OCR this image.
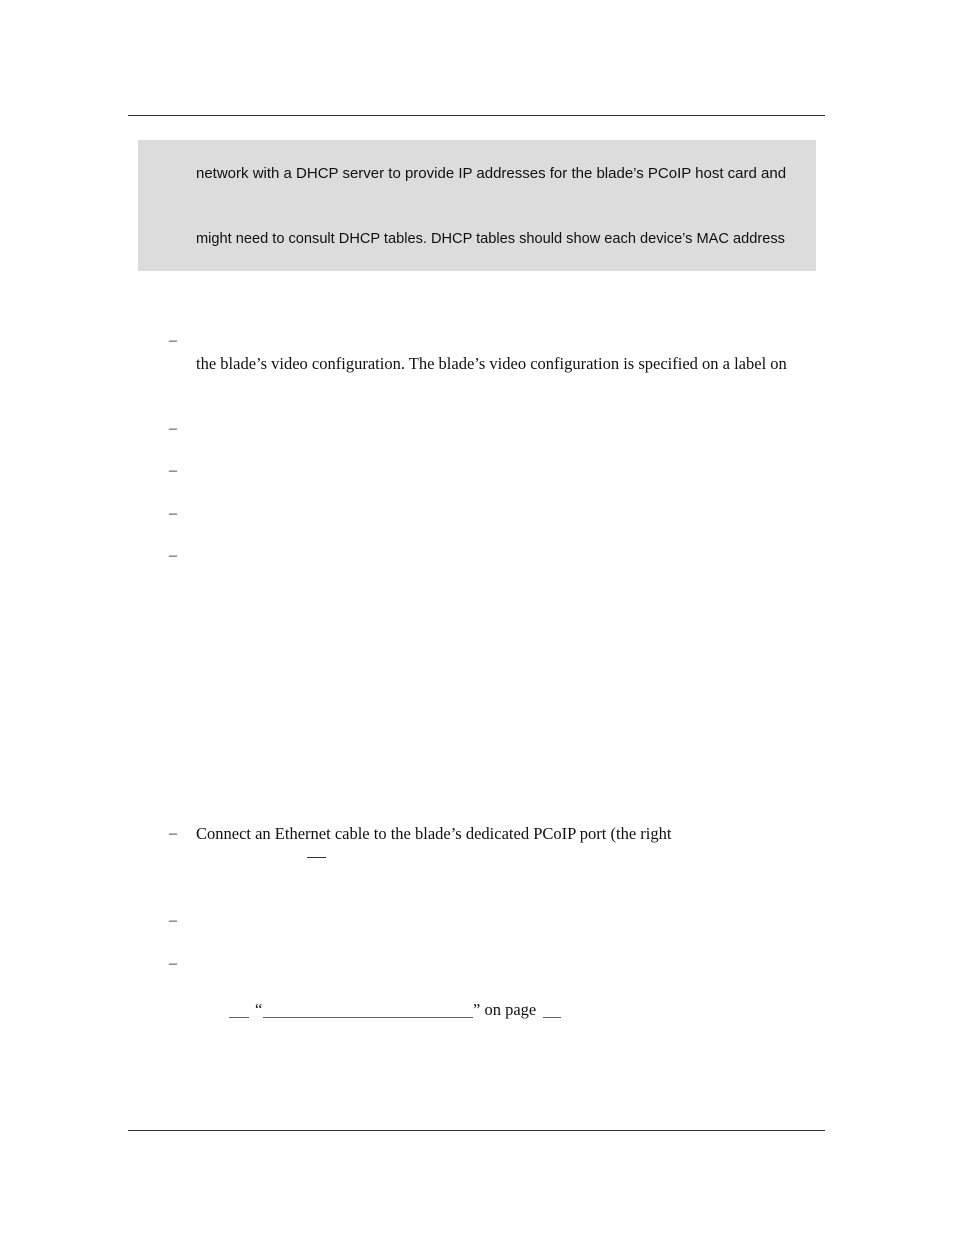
network with a DHCP server to provide IP addresses for the blade’s PCoIP host card and
might need to consult DHCP tables. DHCP tables should show each device’s MAC address
–
the blade’s video configuration. The blade’s video configuration is specified on a label on
–
–
–
–
– Connect an Ethernet cable to the blade’s dedicated PCoIP port (the right
–
–
“	” on page
